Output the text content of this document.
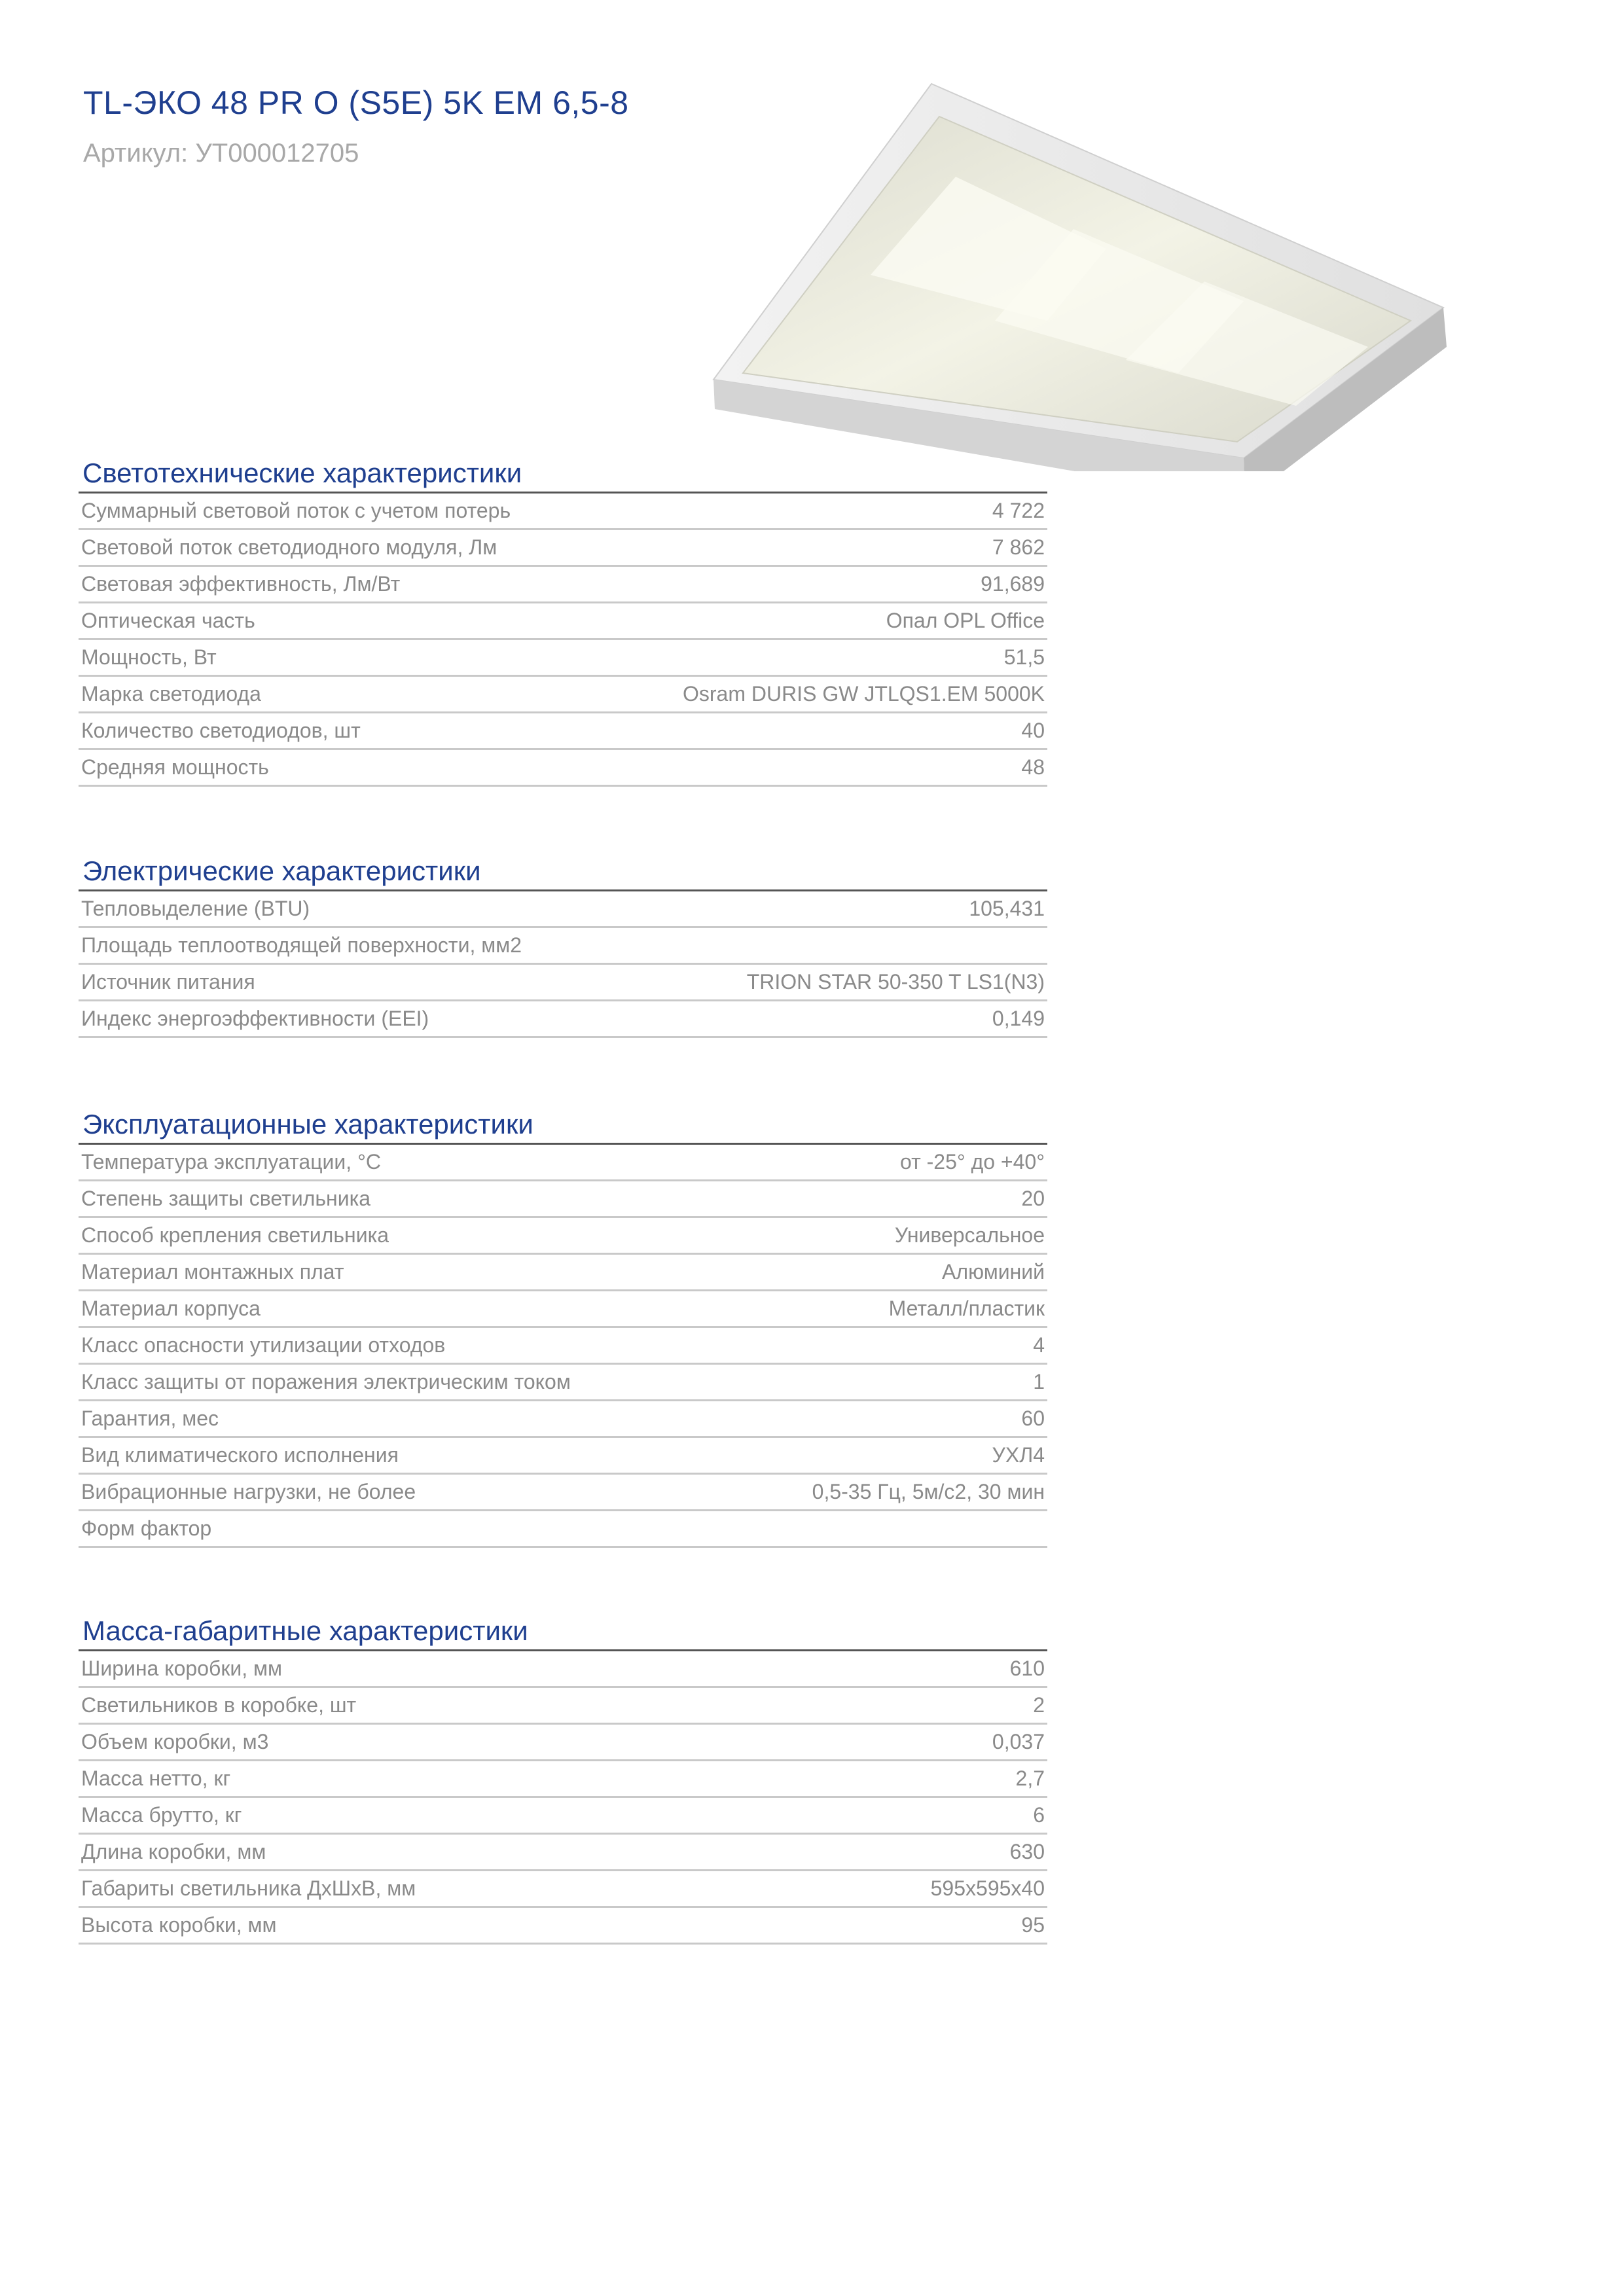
TL-ЭКО 48 PR O (S5E) 5K EM 6,5-8
Артикул: УТ000012705
Светотехнические характеристики
Суммарный световой поток с учетом потерь	4 722
Световой поток светодиодного модуля, Лм	7 862
Световая эффективность, Лм/Вт	91,689
Оптическая часть	Опал OPL Office
Мощность, Вт	51,5
Марка светодиода	Osram DURIS GW JTLQS1.EM 5000K
Количество светодиодов, шт	40
Средняя мощность	48
Электрические характеристики
Тепловыделение (BTU)	105,431
Площадь теплоотводящей поверхности, мм2
Источник питания	TRION STAR 50-350 T LS1(N3)
Индекс энергоэффективности (EEI)	0,149
Эксплуатационные характеристики
Температура эксплуатации, °С	от -25° до +40°
Степень защиты светильника	20
Способ крепления светильника	Универсальное
Материал монтажных плат	Алюминий
Материал корпуса	Металл/пластик
Класс опасности утилизации отходов	4
Класс защиты от поражения электрическим током	1
Гарантия, мес	60
Вид климатического исполнения	УХЛ4
Вибрационные нагрузки, не более	0,5-35 Гц, 5м/с2, 30 мин
Форм фактор
Масса-габаритные характеристики
Ширина коробки, мм	610
Светильников в коробке, шт	2
Объем коробки, м3	0,037
Масса нетто, кг	2,7
Масса брутто, кг	6
Длина коробки, мм	630
Габариты светильника ДхШхВ, мм	595x595x40
Высота коробки, мм	95
